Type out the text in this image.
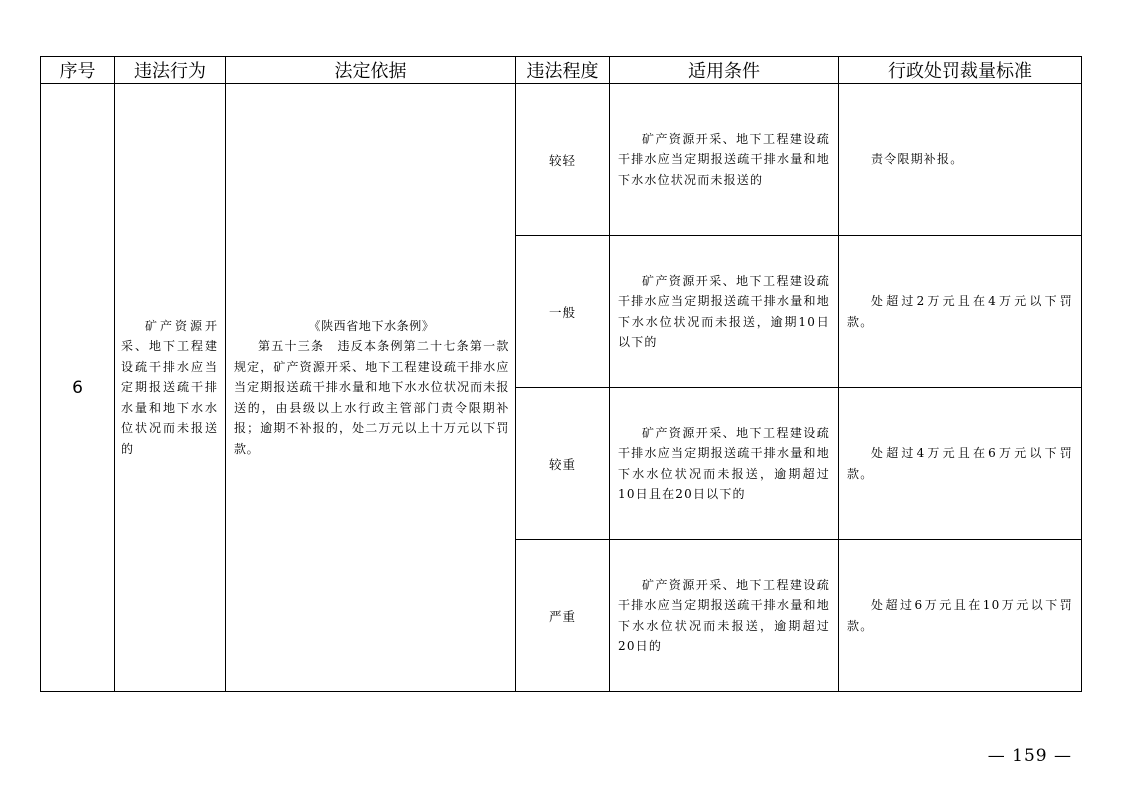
序号	违法行为	法定依据	违法程度	适用条件	行政处罚裁量标准
6	矿产资源开采、地下工程建设疏干排水应当定期报送疏干排水量和地下水水位状况而未报送的	《陕西省地下水条例》
第五十三条　违反本条例第二十七条第一款规定，矿产资源开采、地下工程建设疏干排水应当定期报送疏干排水量和地下水水位状况而未报送的，由县级以上水行政主管部门责令限期补报；逾期不补报的，处二万元以上十万元以下罚款。	较轻	矿产资源开采、地下工程建设疏干排水应当定期报送疏干排水量和地下水水位状况而未报送的	责令限期补报。

			一般	矿产资源开采、地下工程建设疏干排水应当定期报送疏干排水量和地下水水位状况而未报送，逾期10日以下的	处超过2万元且在4万元以下罚款。

			较重	矿产资源开采、地下工程建设疏干排水应当定期报送疏干排水量和地下水水位状况而未报送，逾期超过10日且在20日以下的	处超过4万元且在6万元以下罚款。

			严重	矿产资源开采、地下工程建设疏干排水应当定期报送疏干排水量和地下水水位状况而未报送，逾期超过20日的	处超过6万元且在10万元以下罚款。
— 159 —
